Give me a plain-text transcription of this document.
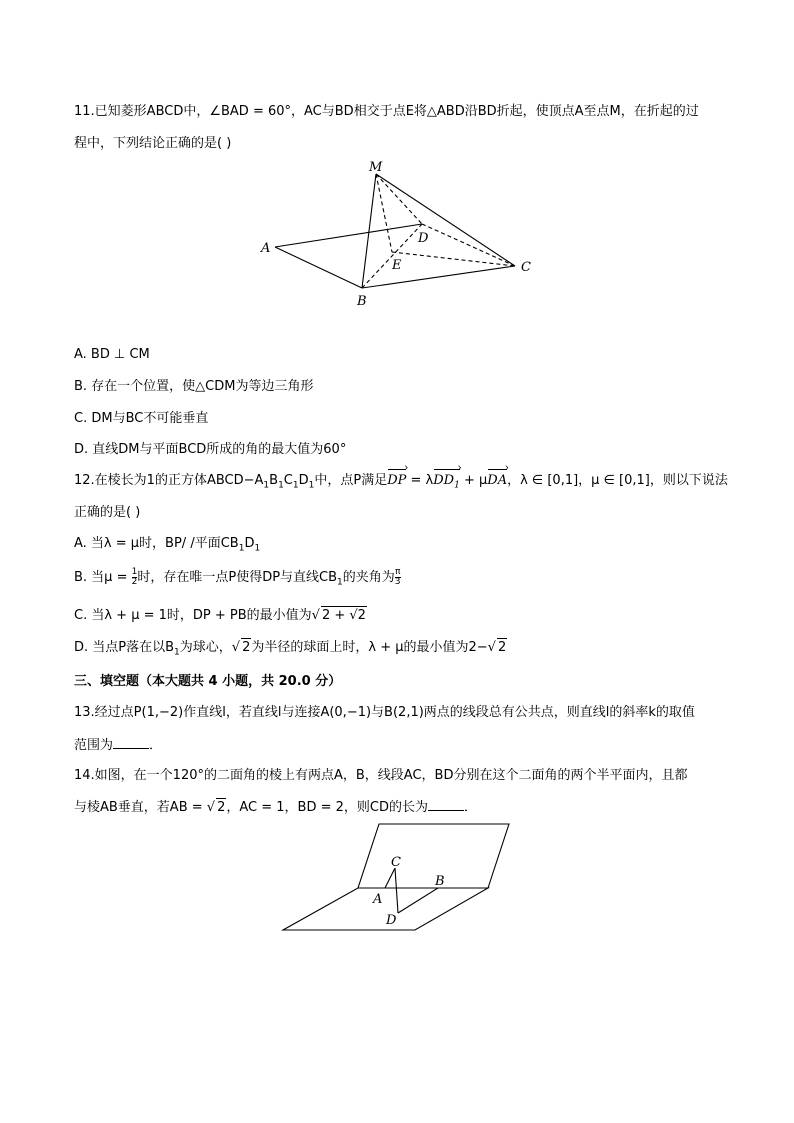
11.已知菱形ABCD中，∠BAD = 60°，AC与BD相交于点E将△ABD沿BD折起，使顶点A至点M，在折起的过
程中，下列结论正确的是( )
M
A
B
C
D
E
A. BD ⊥ CM
B. 存在一个位置，使△CDM为等边三角形
C. DM与BC不可能垂直
D. 直线DM与平面BCD所成的角的最大值为60°
12.在棱长为1的正方体$ABCD-A_1B_1C_1D_1$中，点P满足DP › = λDD$_1$ › + μDA ›，λ ∈ [0,1]，μ ∈ [0,1]，则以下说法
正确的是( )
A. 当λ = μ时，BP/ /平面$CB_1D_1$
B. 当$\mu = \frac{1}{2}$ 时，存在唯一点P使得DP与直线$CB_1$的夹角为 $\frac{\pi}{3}$
C. 当λ + μ = 1时，DP + PB的最小值为√ 2 + √2
D. 当点P落在以$B_1$为球心，√ 2为半径的球面上时，λ + μ的最小值为2−√ 2
三、填空题（本大题共 4 小题，共 20.0 分）
13.经过点P(1,−2)作直线l，若直线l与连接A(0,−1)与B(2,1)两点的线段总有公共点，则直线l的斜率k的取值
范围为	．
14.如图，在一个120°的二面角的棱上有两点A，B，线段AC，BD分别在这个二面角的两个半平面内，且都
与棱AB垂直，若AB = √ 2，AC = 1，BD = 2，则CD的长为	．
C
B
A
D
